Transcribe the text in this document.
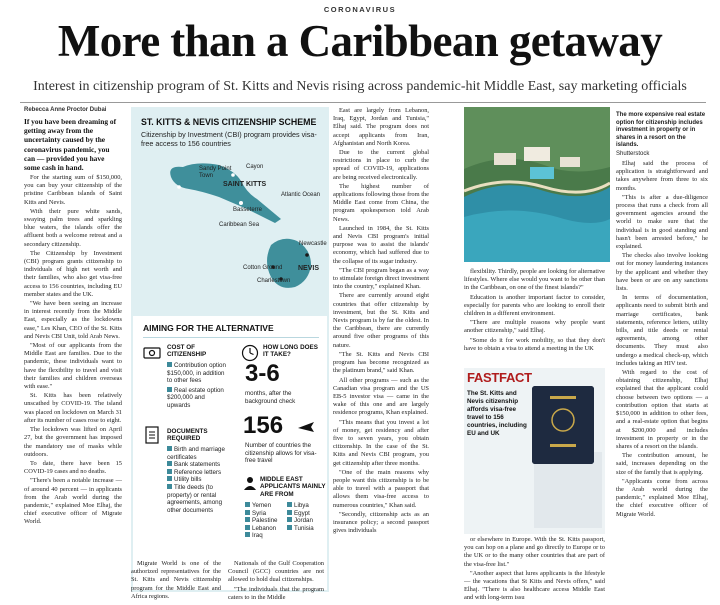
CORONAVIRUS
More than a Caribbean getaway
Interest in citizenship program of St. Kitts and Nevis rising across pandemic-hit Middle East, say marketing officials
Rebecca Anne Proctor Dubai
If you have been dreaming of getting away from the uncertainty caused by the coronavirus pandemic, you can — provided you have some cash in hand.

For the starting sum of $150,000, you can buy your citizenship of the pristine Caribbean islands of Saint Kitts and Nevis.

With their pure white sands, swaying palm trees and sparkling blue waters, the islands offer the affluent both a welcome retreat and a secondary citizenship.

The Citizenship by Investment (CBI) program grants citizenship to individuals of high net worth and their families, who also get visa-free access to 156 countries, including EU member states and the UK.

"We have been seeing an increase in interest recently from the Middle East, especially as the lockdowns ease," Les Khan, CEO of the St. Kitts and Nevis CBI Unit, told Arab News.

"Most of our applicants from the Middle East are families. Due to the pandemic, these individuals want to have the flexibility to travel and visit their families and children overseas with ease."

St. Kitts has been relatively unscathed by COVID-19. The island was placed on lockdown on March 31 after its number of cases rose to eight.

The lockdown was lifted on April 27, but the government has imposed the mandatory use of masks while outdoors.

To date, there have been 15 COVID-19 cases and no deaths.

"There's been a notable increase — of around 40 percent — in applicants from the Arab world during the pandemic," explained Moe Elhaj, the chief executive officer of Migrate World.

ST. KITTS & NEVIS CITIZENSHIP SCHEME
Citizenship by Investment (CBI) program provides visa-free access to 156 countries
Sandy Point Town
Cayon
SAINT KITTS
Atlantic Ocean
Basseterre
Caribbean Sea
Newcastle
Cotton Ground NEVIS
Charlestown
AIMING FOR THE ALTERNATIVE
COST OF CITIZENSHIP
Contribution option $150,000, in addition to other fees
Real estate option $200,000 and upwards
DOCUMENTS REQUIRED
Birth and marriage certificates
Bank statements
Reference letters
Utility bills
Title deeds (to property) or rental agreements, among other documents
HOW LONG DOES IT TAKE?
3-6
months, after the background check
156
Number of countries the citizenship allows for visa-free travel
MIDDLE EAST APPLICANTS MAINLY ARE FROM
Yemen
Syria
Palestine
Lebanon
Iraq
Libya
Egypt
Jordan
Tunisia

Migrate World is one of the authorized representatives for the St. Kitts and Nevis citizenship program for the Middle East and Africa regions.

Nationals of the Gulf Cooperation Council (GCC) countries are not allowed to hold dual citizenships.

"The individuals that the program caters to in the Middle

East are largely from Lebanon, Iraq, Egypt, Jordan and Tunisia," Elhaj said. The program does not accept applicants from Iran, Afghanistan and North Korea.

Due to the current global restrictions in place to curb the spread of COVID-19, applications are being received electronically.

The highest number of applications following those from the Middle East come from China, the program spokesperson told Arab News.

Launched in 1984, the St. Kitts and Nevis CBI program's initial purpose was to assist the islands' economy, which had suffered due to the collapse of its sugar industry.

"The CBI program began as a way to stimulate foreign direct investment into the country," explained Khan.

There are currently around eight countries that offer citizenship by investment, but the St. Kitts and Nevis program is by far the oldest. In the Caribbean, there are currently around five other programs of this nature.

"The St. Kitts and Nevis CBI program has become recognized as the platinum brand," said Khan.

All other programs — such as the Canadian visa program and the US EB-5 investor visa — came in the wake of this one and are largely residence programs, Khan explained.

"This means that you invest a lot of money, get residency and after five to seven years, you obtain citizenship. In the case of the St. Kitts and Nevis CBI program, you get citizenship after three months.

"One of the main reasons why people want this citizenship is to be able to travel with a passport that allows them visa-free access to numerous countries," Khan said.

"Secondly, citizenship acts as an insurance policy; a second passport gives individuals

The more expensive real estate option for citizenship includes investment in property or in shares in a resort on the islands.
Shutterstock

flexibility. Thirdly, people are looking for alternative lifestyles. Where else would you want to be other than in the Caribbean, on one of the finest islands?"

Education is another important factor to consider, especially for parents who are looking to enroll their children in a different environment.

"There are multiple reasons why people want another citizenship," said Elhaj.

"Some do it for work mobility, so that they don't have to obtain a visa to attend a meeting in the UK

FASTFACT
The St. Kitts and Nevis citizenship affords visa-free travel to 156 countries, including EU and UK

or elsewhere in Europe. With the St. Kitts passport, you can hop on a plane and go directly to Europe or to the UK or to the many other countries that are part of the visa-free list."

"Another aspect that lures applicants is the lifestyle — the vacations that St Kitts and Nevis offers," said Elhaj. "There is also healthcare access Middle East and with long-term issu

Elhaj said the process of application is straightforward and takes anywhere from three to six months.

"This is after a due-diligence process that runs a check from all government agencies around the world to make sure that the individual is in good standing and hasn't been arrested before," he explained.

The checks also involve looking out for money laundering instances by the applicant and whether they have been or are on any sanctions lists.

In terms of documentation, applicants need to submit birth and marriage certificates, bank statements, reference letters, utility bills, and title deeds or rental agreements, among other documents. They must also undergo a medical check-up, which includes taking an HIV test.

With regard to the cost of obtaining citizenship, Elhaj explained that the applicant could choose between two options — a contribution option that starts at $150,000 in addition to other fees, and a real-estate option that begins at $200,000 and includes investment in property or in the shares of a resort on the islands.

The contribution amount, he said, increases depending on the size of the family that is applying.

"Applicants come from across the Arab world during the pandemic," explained Moe Elhaj, the chief executive officer of Migrate World.
